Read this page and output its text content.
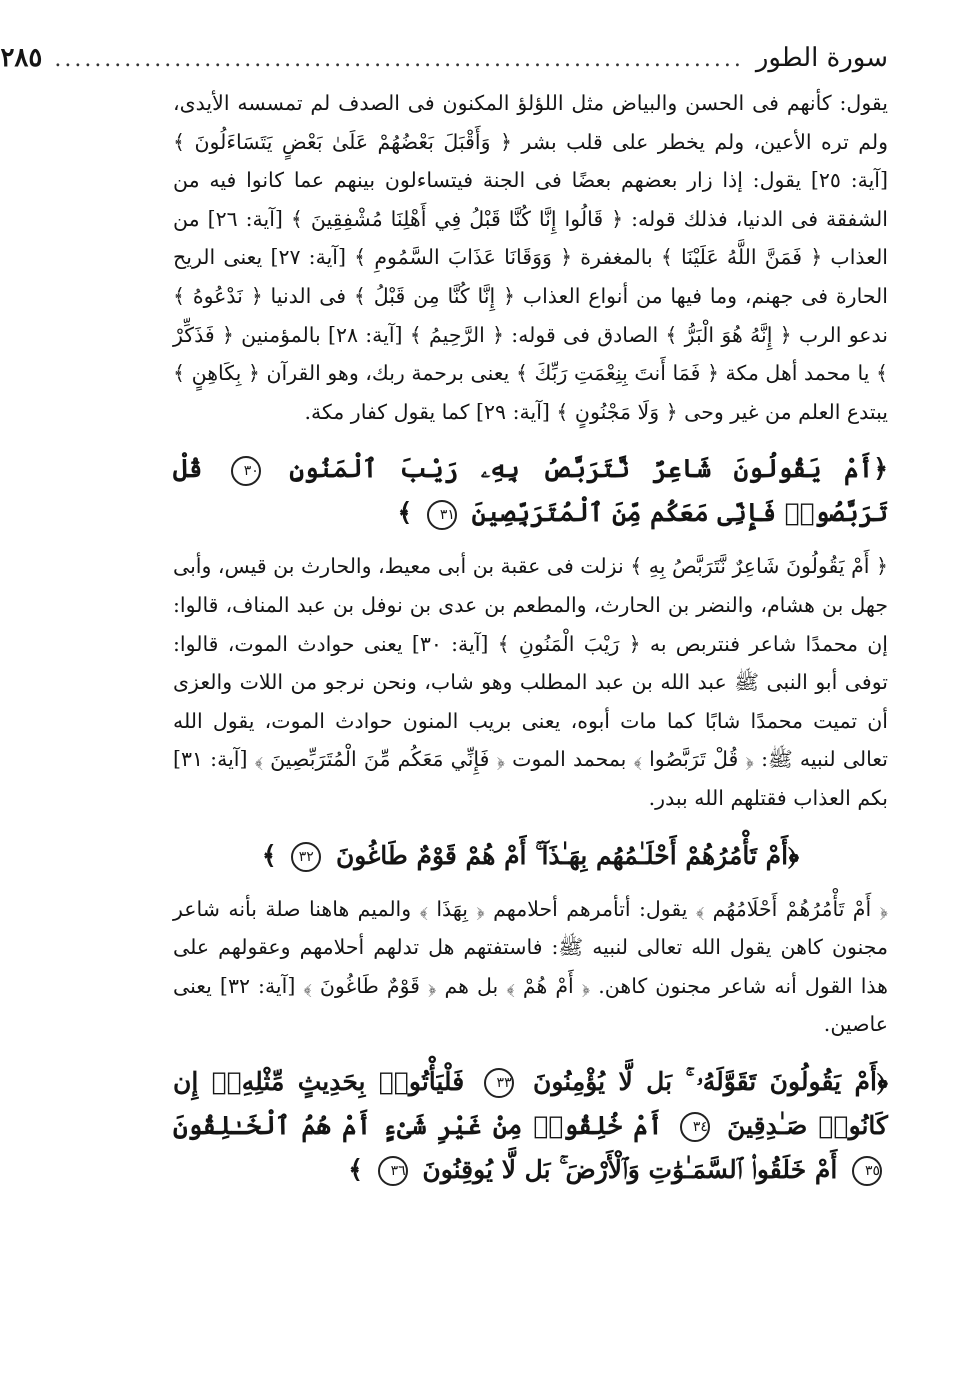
سورة الطور
.....................................................................
٢٨٥

يقول: كأنهم فى الحسن والبياض مثل اللؤلؤ المكنون فى الصدف لم تمسسه الأيدى، ولم تره الأعين، ولم يخطر على قلب بشر ﴿ وَأَقْبَلَ بَعْضُهُمْ عَلَىٰ بَعْضٍ يَتَسَاءَلُونَ ﴾ [آية: ٢٥] يقول: إذا زار بعضهم بعضًا فى الجنة فيتساءلون بينهم عما كانوا فيه من الشفقة فى الدنيا، فذلك قوله: ﴿ قَالُوا إِنَّا كُنَّا قَبْلُ فِي أَهْلِنَا مُشْفِقِينَ ﴾ [آية: ٢٦] من العذاب ﴿ فَمَنَّ اللَّهُ عَلَيْنَا ﴾ بالمغفرة ﴿ وَوَقَانَا عَذَابَ السَّمُومِ ﴾ [آية: ٢٧] يعنى الريح الحارة فى جهنم، وما فيها من أنواع العذاب ﴿ إِنَّا كُنَّا مِن قَبْلُ ﴾ فى الدنيا ﴿ نَدْعُوهُ ﴾ ندعو الرب ﴿ إِنَّهُ هُوَ الْبَرُّ ﴾ الصادق فى قوله: ﴿ الرَّحِيمُ ﴾ [آية: ٢٨] بالمؤمنين ﴿ فَذَكِّرْ ﴾ يا محمد أهل مكة ﴿ فَمَا أَنتَ بِنِعْمَتِ رَبِّكَ ﴾ يعنى برحمة ربك، وهو القرآن ﴿ بِكَاهِنٍ ﴾ يبتدع العلم من غير وحى ﴿ وَلَا مَجْنُونٍ ﴾ [آية: ٢٩] كما يقول كفار مكة.

﴿أَمْ يَقُولُونَ شَاعِرٌ نَّتَرَبَّصُ بِهِۦ رَيْبَ ٱلْمَنُونِ ٣٠ قُلْ تَرَبَّصُوا۟ فَإِنِّى مَعَكُم مِّنَ ٱلْمُتَرَبِّصِينَ ٣١ ﴾

﴿ أَمْ يَقُولُونَ شَاعِرٌ نَّتَرَبَّصُ بِهِ ﴾ نزلت فى عقبة بن أبى معيط، والحارث بن قيس، وأبى جهل بن هشام، والنضر بن الحارث، والمطعم بن عدى بن نوفل بن عبد المناف، قالوا: إن محمدًا شاعر فنتربص به ﴿ رَيْبَ الْمَنُونِ ﴾ [آية: ٣٠] يعنى حوادث الموت، قالوا: توفى أبو النبى ﷺ عبد الله بن عبد المطلب وهو شاب، ونحن نرجو من اللات والعزى أن تميت محمدًا شابًا كما مات أبوه، يعنى بريب المنون حوادث الموت، يقول الله تعالى لنبيه ﷺ: ﴿ قُلْ تَرَبَّصُوا ﴾ بمحمد الموت ﴿ فَإِنِّي مَعَكُم مِّنَ الْمُتَرَبِّصِينَ ﴾ [آية: ٣١] بكم العذاب فقتلهم الله ببدر.

﴿أَمْ تَأْمُرُهُمْ أَحْلَـٰمُهُم بِهَـٰذَآ ۚ أَمْ هُمْ قَوْمٌ طَاغُونَ ٣٢ ﴾

﴿ أَمْ تَأْمُرُهُمْ أَحْلَامُهُم ﴾ يقول: أتأمرهم أحلامهم ﴿ بِهَذَا ﴾ والميم هاهنا صلة بأنه شاعر مجنون كاهن يقول الله تعالى لنبيه ﷺ: فاستفتهم هل تدلهم أحلامهم وعقولهم على هذا القول أنه شاعر مجنون كاهن. ﴿ أَمْ هُمْ ﴾ بل هم ﴿ قَوْمٌ طَاغُونَ ﴾ [آية: ٣٢] يعنى عاصين.

﴿أَمْ يَقُولُونَ تَقَوَّلَهُۥ ۚ بَل لَّا يُؤْمِنُونَ ٣٣ فَلْيَأْتُوا۟ بِحَدِيثٍ مِّثْلِهِۦٓ إِن كَانُوا۟ صَـٰدِقِينَ ٣٤ أَمْ خُلِقُوا۟ مِنْ غَيْرِ شَىْءٍ أَمْ هُمُ ٱلْخَـٰلِقُونَ ٣٥ أَمْ خَلَقُوا۟ ٱلسَّمَـٰوَٰتِ وَٱلْأَرْضَ ۚ بَل لَّا يُوقِنُونَ ٣٦ ﴾
